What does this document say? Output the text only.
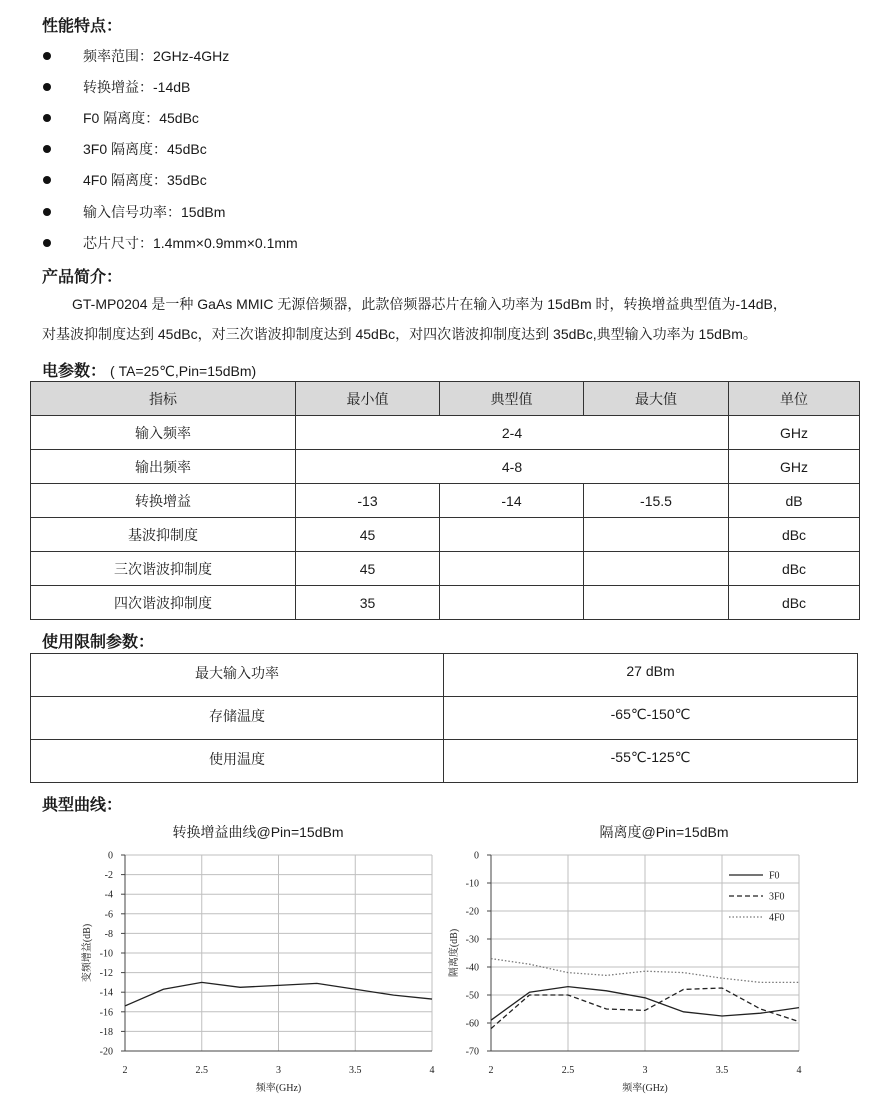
性能特点：
频率范围：2GHz-4GHz
转换增益：-14dB
F0 隔离度：45dBc
3F0 隔离度：45dBc
4F0 隔离度：35dBc
输入信号功率：15dBm
芯片尺寸：1.4mm×0.9mm×0.1mm
产品简介：

GT-MP0204 是一种 GaAs MMIC 无源倍频器，此款倍频器芯片在输入功率为 15dBm 时，转换增益典型值为-14dB，

对基波抑制度达到 45dBc，对三次谐波抑制度达到 45dBc，对四次谐波抑制度达到 35dBc,典型输入功率为 15dBm。

电参数： ( TA=25℃,Pin=15dBm)
指标	最小值	典型值	最大值	单位
输入频率	2-4			GHz
输出频率	4-8			GHz
转换增益	-13	-14	-15.5	dB
基波抑制度	45			dBc
三次谐波抑制度	45			dBc
四次谐波抑制度	35			dBc
使用限制参数：
最大输入功率	27 dBm
存储温度	-65℃-150℃
使用温度	-55℃-125℃
典型曲线：
转换增益曲线@Pin=15dBm	隔离度@Pin=15dBm
2	2.5	3	3.5	4
0
-2
-4
-6
-8
-10
-12
-14
-16
-18
-20
频率(GHz)
变频增益(dB)
2	2.5	3	3.5	4
0
-10
-20
-30
-40
-50
-60
-70
频率(GHz)
隔离度(dB)
F0
3F0
4F0
